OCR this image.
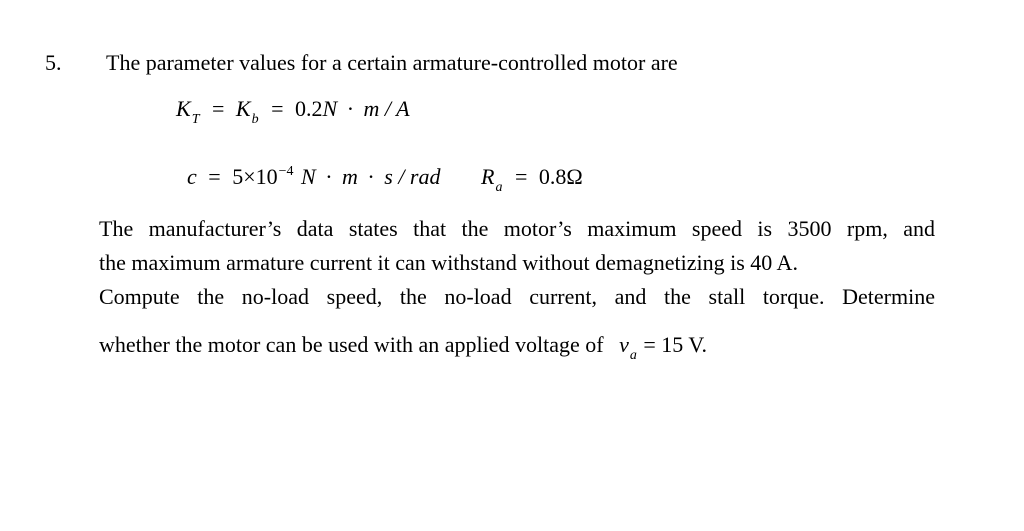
5. The parameter values for a certain armature-controlled motor are
$K_T = K_b = 0.2N \cdot m / A$
$c = 5\times 10^{-4}$ N · m · s / rad $R_a = 0.8\Omega$
The manufacturer’s data states that the motor’s maximum speed is 3500 rpm, and
the maximum armature current it can withstand without demagnetizing is 40 A.
Compute the no-load speed, the no-load current, and the stall torque. Determine
whether the motor can be used with an applied voltage of $v_a = 15$ V.
